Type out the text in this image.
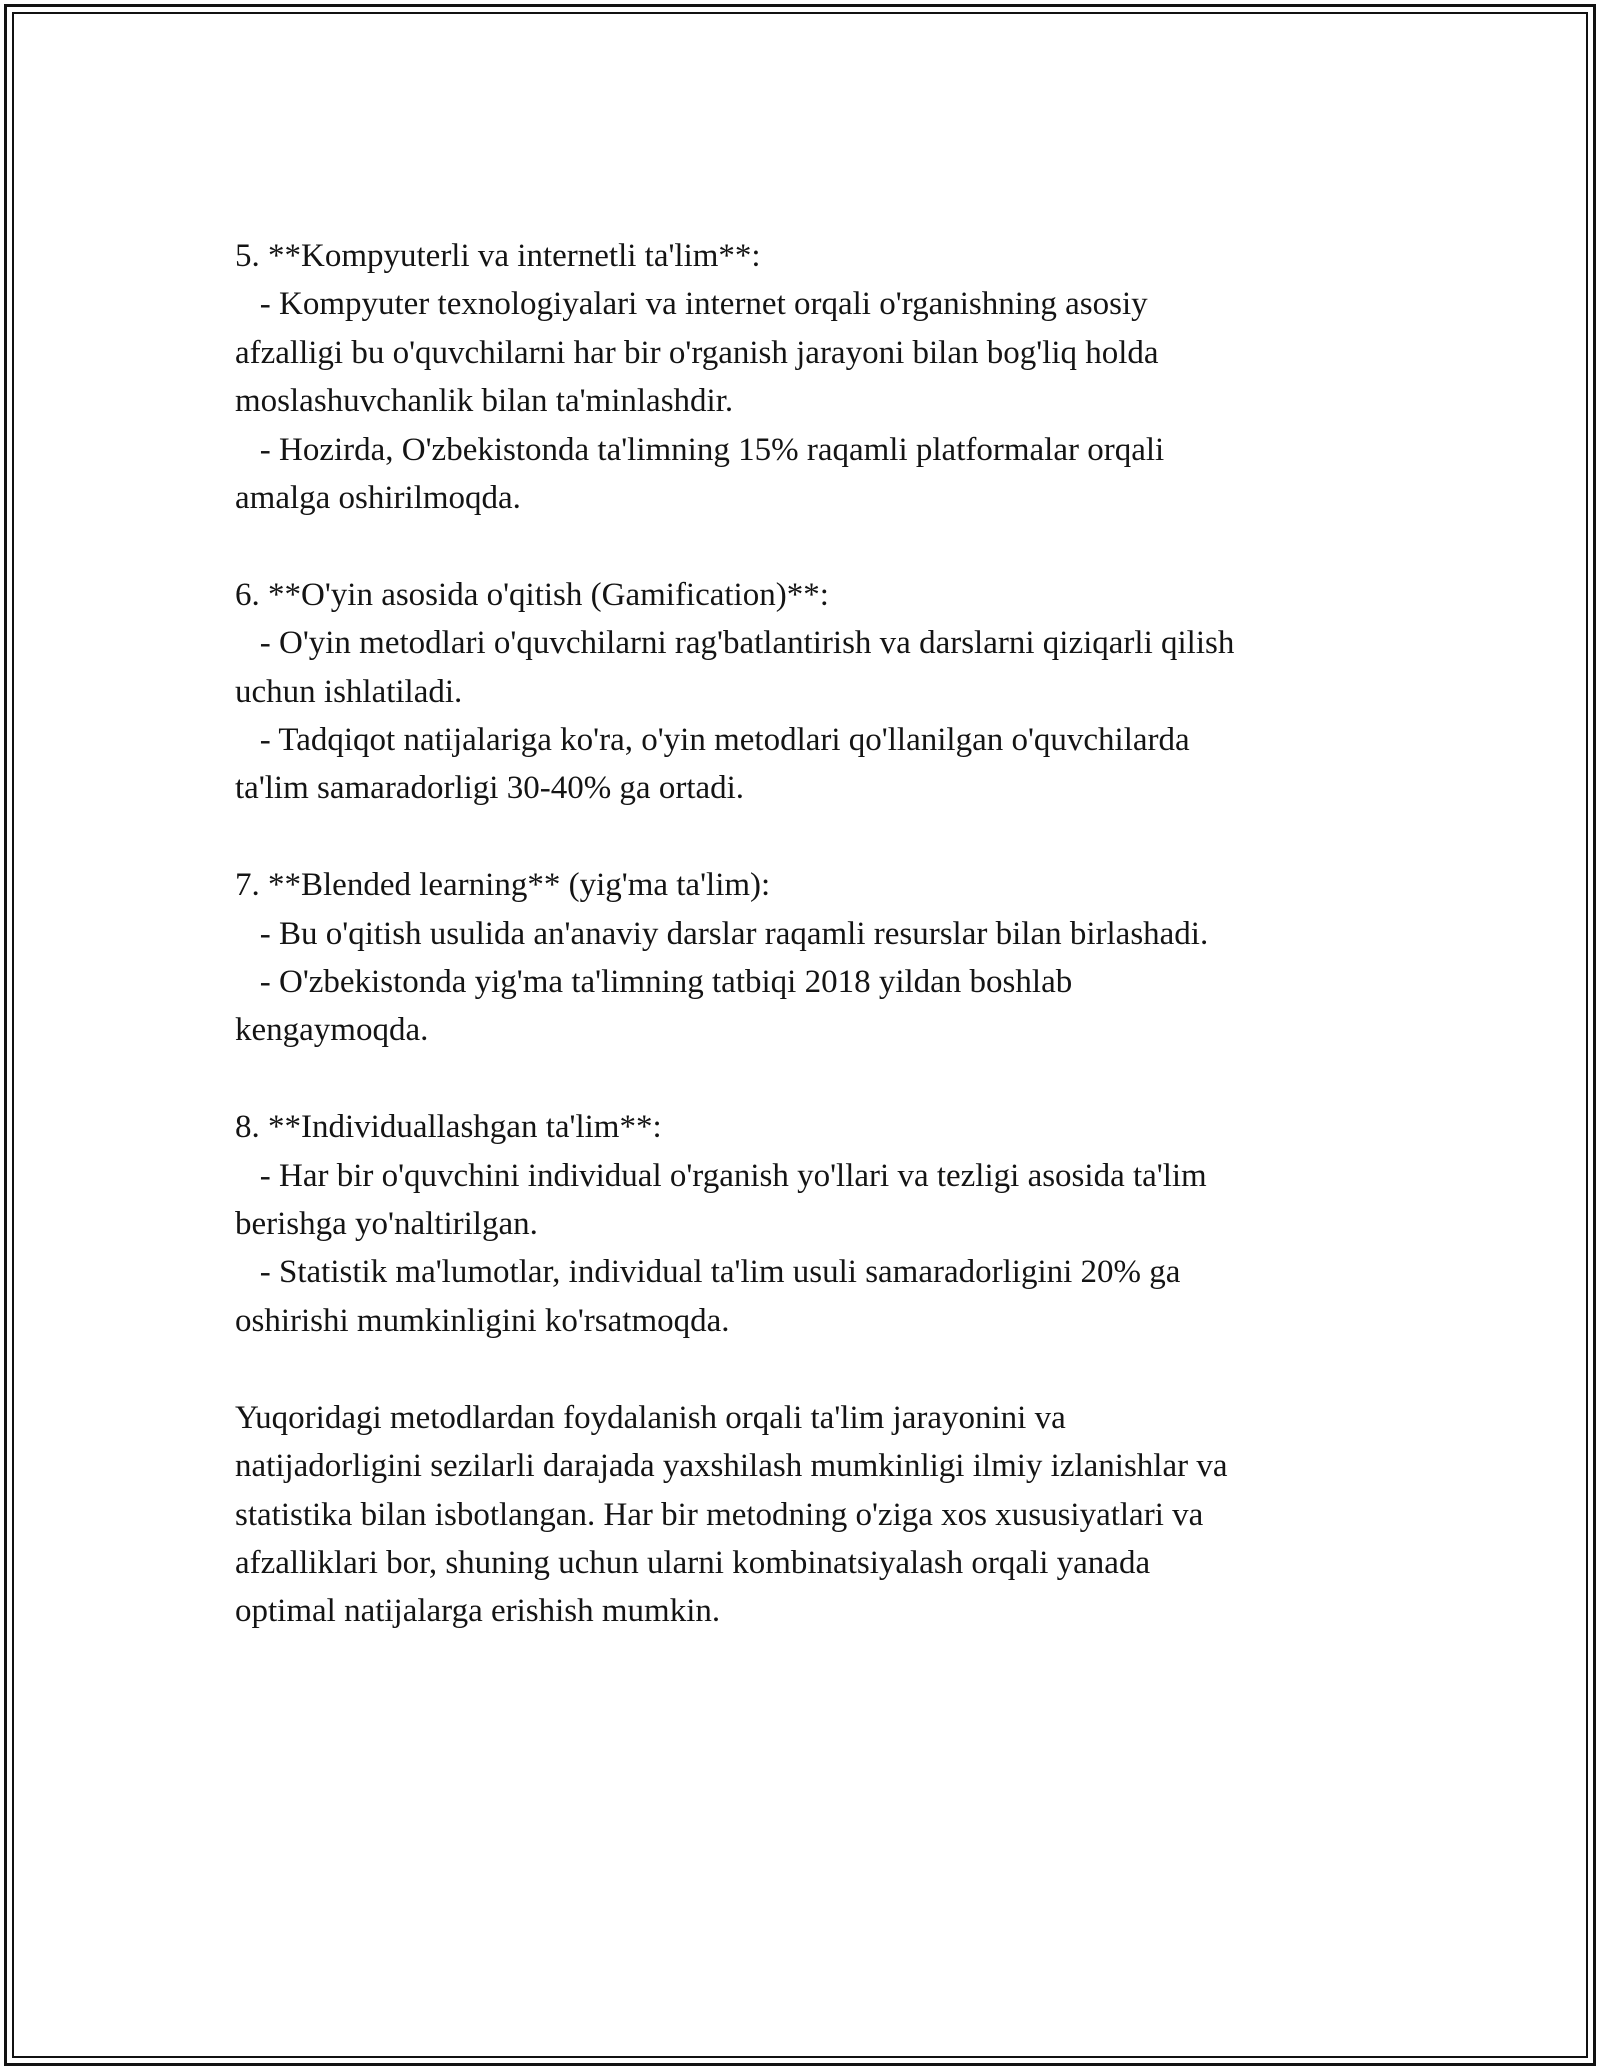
5. **Kompyuterli va internetli ta'lim**:
- Kompyuter texnologiyalari va internet orqali o'rganishning asosiy
afzalligi bu o'quvchilarni har bir o'rganish jarayoni bilan bog'liq holda
moslashuvchanlik bilan ta'minlashdir.
- Hozirda, O'zbekistonda ta'limning 15% raqamli platformalar orqali
amalga oshirilmoqda.
6. **O'yin asosida o'qitish (Gamification)**:
- O'yin metodlari o'quvchilarni rag'batlantirish va darslarni qiziqarli qilish
uchun ishlatiladi.
- Tadqiqot natijalariga ko'ra, o'yin metodlari qo'llanilgan o'quvchilarda
ta'lim samaradorligi 30-40% ga ortadi.
7. **Blended learning** (yig'ma ta'lim):
- Bu o'qitish usulida an'anaviy darslar raqamli resurslar bilan birlashadi.
- O'zbekistonda yig'ma ta'limning tatbiqi 2018 yildan boshlab
kengaymoqda.
8. **Individuallashgan ta'lim**:
- Har bir o'quvchini individual o'rganish yo'llari va tezligi asosida ta'lim
berishga yo'naltirilgan.
- Statistik ma'lumotlar, individual ta'lim usuli samaradorligini 20% ga
oshirishi mumkinligini ko'rsatmoqda.
Yuqoridagi metodlardan foydalanish orqali ta'lim jarayonini va
natijadorligini sezilarli darajada yaxshilash mumkinligi ilmiy izlanishlar va
statistika bilan isbotlangan. Har bir metodning o'ziga xos xususiyatlari va
afzalliklari bor, shuning uchun ularni kombinatsiyalash orqali yanada
optimal natijalarga erishish mumkin.
